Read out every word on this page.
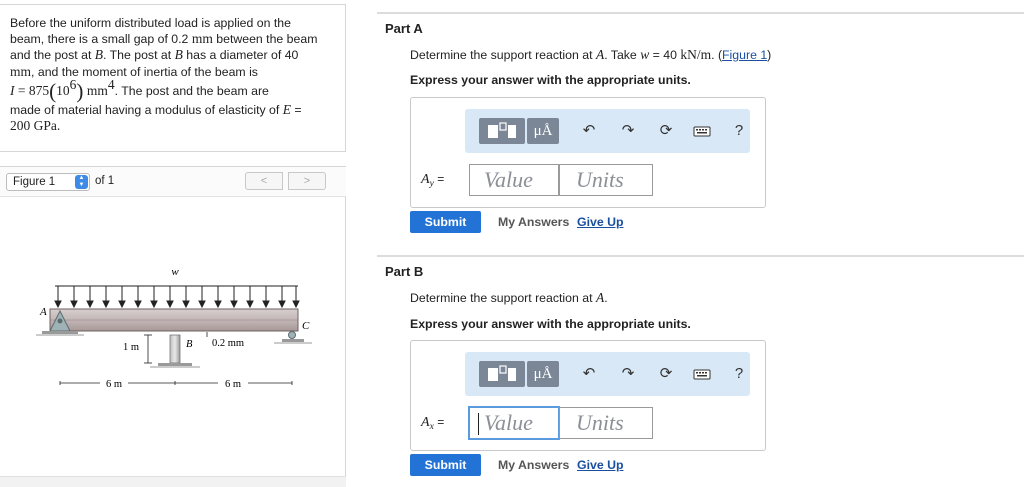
Before the uniform distributed load is applied on the
beam, there is a small gap of 0.2 mm between the beam
and the post at B. The post at B has a diameter of 40
mm, and the moment of inertia of the beam is
$I = 875(10^6)$ $mm^4$. The post and the beam are
made of material having a modulus of elasticity of E =
200 GPa.
Figure 1	▲
▼ of 1	<	>
w
A
C
B 0.2 mm
1 m
6 m	6 m
Part A
Determine the support reaction at A. Take w = 40 kN/m. (Figure 1)
Express your answer with the appropriate units.
μÅ	↶ ↷ ⟳	?
$A_y$ =	Value	Units
Submit	My Answers Give Up
Part B
Determine the support reaction at A.
Express your answer with the appropriate units.
μÅ	↶ ↷ ⟳	?
$A_x$ =	Value	Units
Submit	My Answers Give Up
